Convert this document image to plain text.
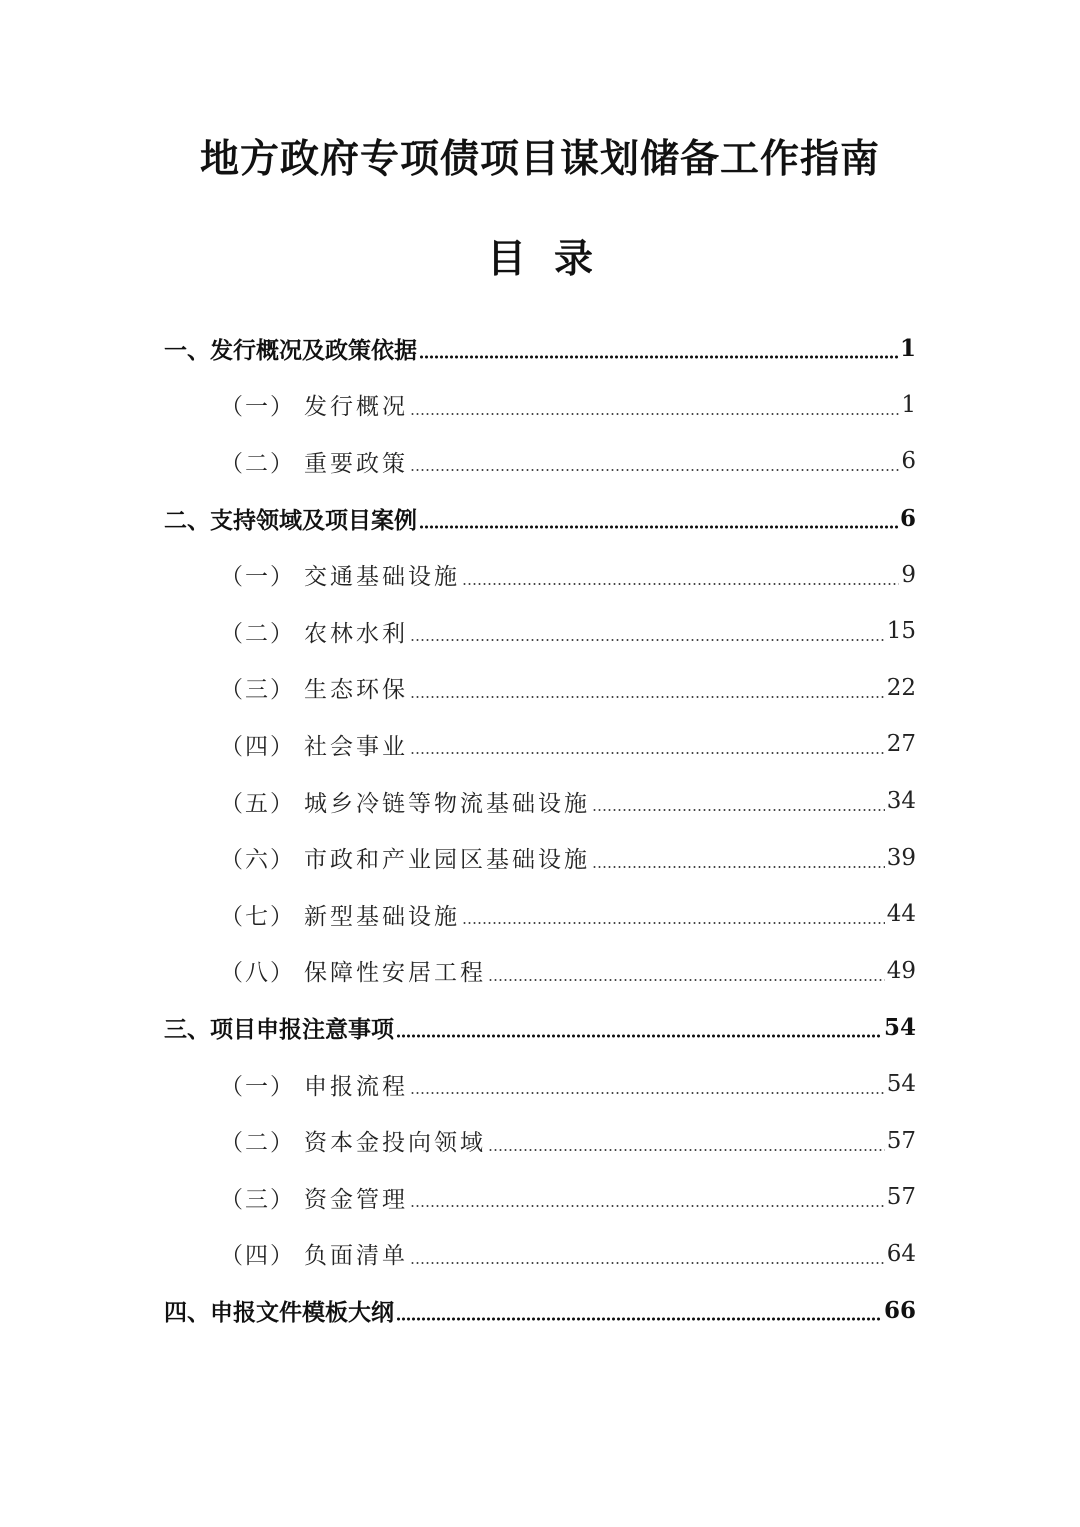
地方政府专项债项目谋划储备工作指南
目录
一、 发行概况及政策依据	1
（一） 发行概况	1
（二） 重要政策	6
二、 支持领域及项目案例	6
（一） 交通基础设施	9
（二） 农林水利	15
（三） 生态环保	22
（四） 社会事业	27
（五） 城乡冷链等物流基础设施	34
（六） 市政和产业园区基础设施	39
（七） 新型基础设施	44
（八） 保障性安居工程	49
三、 项目申报注意事项	54
（一） 申报流程	54
（二） 资本金投向领域	57
（三） 资金管理	57
（四） 负面清单	64
四、 申报文件模板大纲	66
